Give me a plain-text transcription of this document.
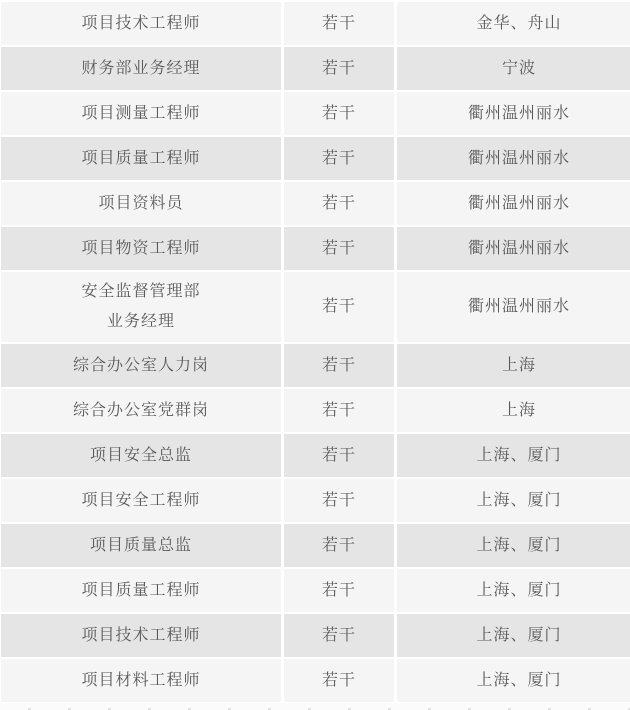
项目技术工程师	若干	金华、舟山
财务部业务经理	若干	宁波
项目测量工程师	若干	衢州温州丽水
项目质量工程师	若干	衢州温州丽水
项目资料员	若干	衢州温州丽水
项目物资工程师	若干	衢州温州丽水

安全监督管理部
业务经理	若干	衢州温州丽水
综合办公室人力岗	若干	上海
综合办公室党群岗	若干	上海
项目安全总监	若干	上海、厦门
项目安全工程师	若干	上海、厦门
项目质量总监	若干	上海、厦门
项目质量工程师	若干	上海、厦门
项目技术工程师	若干	上海、厦门
项目材料工程师	若干	上海、厦门
